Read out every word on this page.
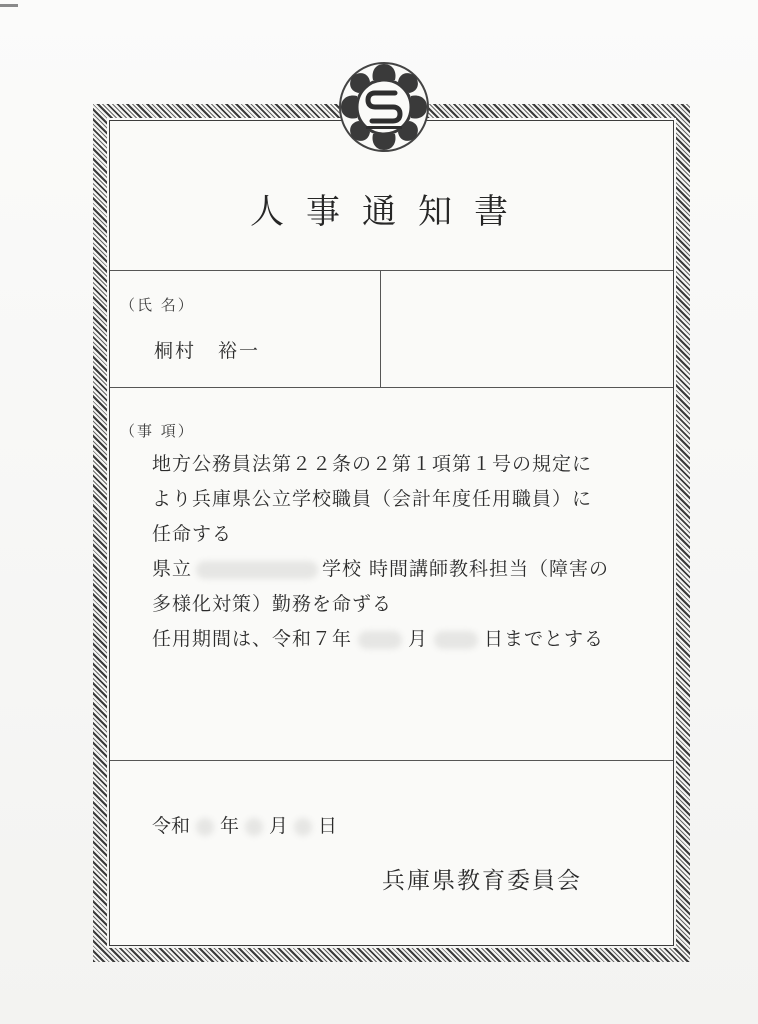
人事通知書
（氏 名）
桐村 裕一
（事 項）
地方公務員法第２２条の２第１項第１号の規定に
より兵庫県公立学校職員（会計年度任用職員）に
任命する
県立	学校 時間講師教科担当（障害の
多様化対策）勤務を命ずる
任用期間は、令和７年	月	日までとする
令和 年 月 日
兵庫県教育委員会
